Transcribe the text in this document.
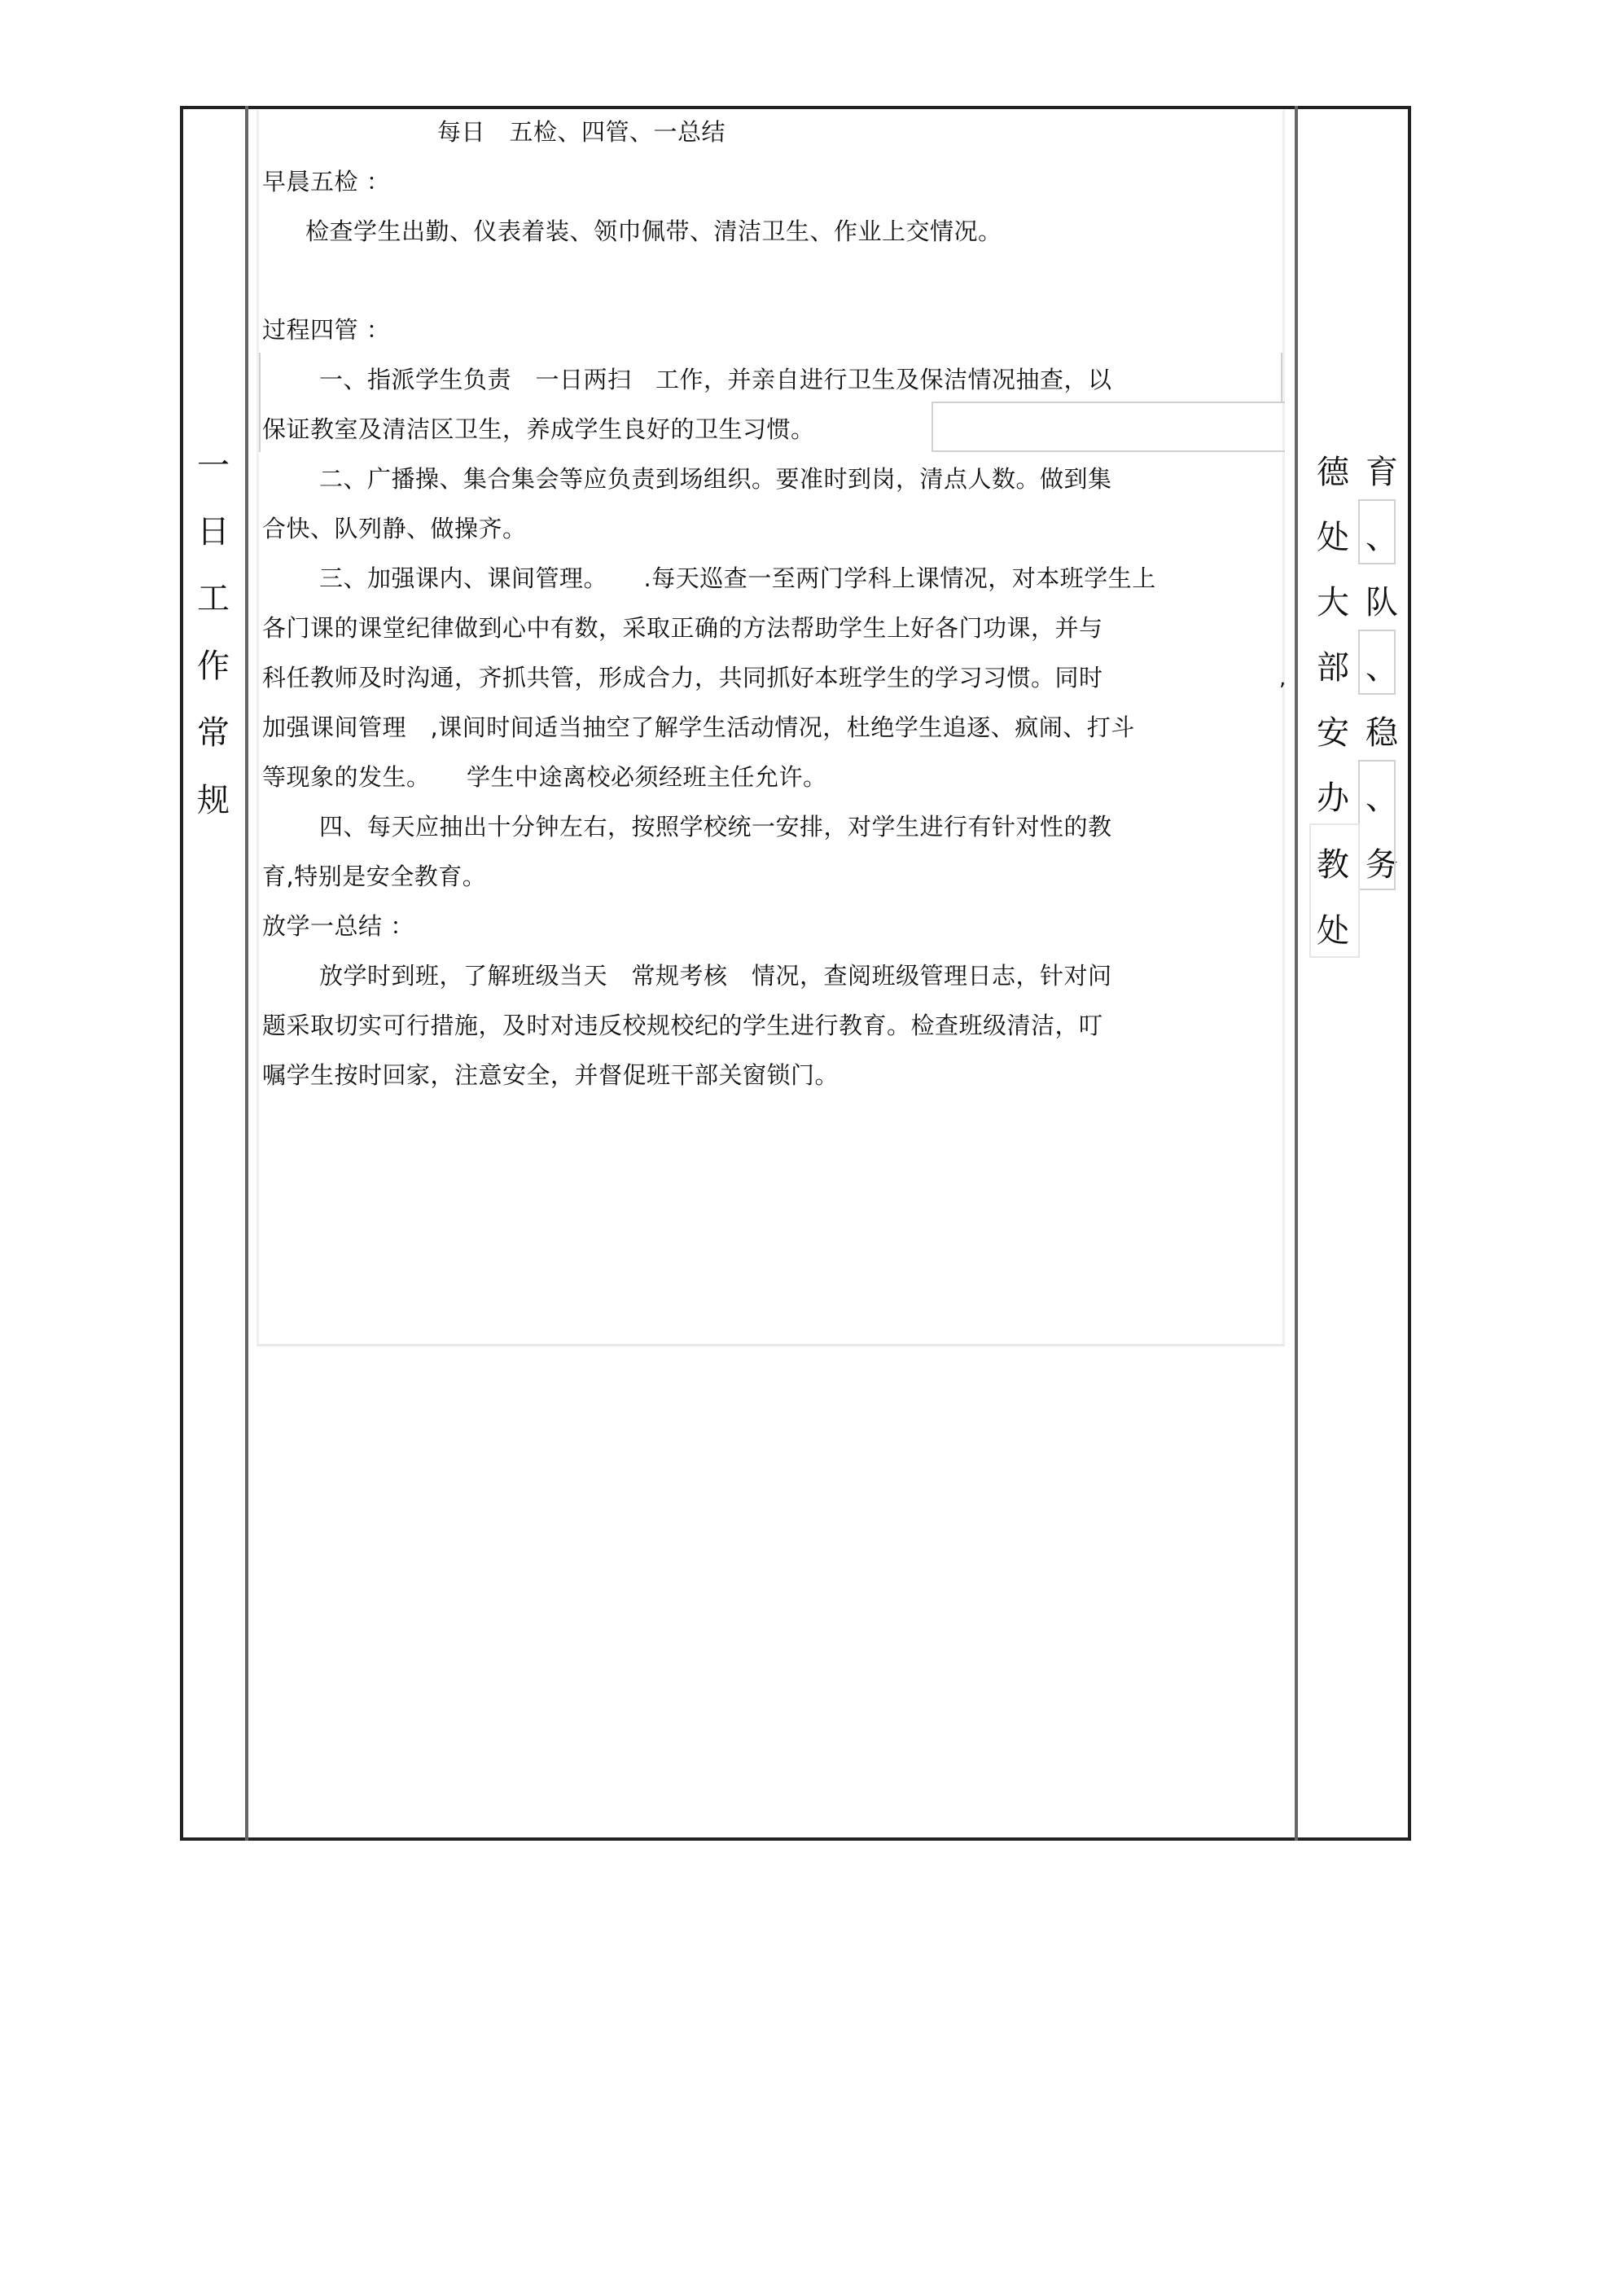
一
日
工
作
常
规
每日　五检、四管、一总结
早晨五检 ：
检查学生出勤、仪表着装、领巾佩带、清洁卫生、作业上交情况。
过程四管 ：
一、指派学生负责　一日两扫　工作，并亲自进行卫生及保洁情况抽查，以
保证教室及清洁区卫生，养成学生良好的卫生习惯。
二、广播操、集合集会等应负责到场组织。要准时到岗，清点人数。做到集
合快、队列静、做操齐。
三、加强课内、课间管理。　　.每天巡查一至两门学科上课情况，对本班学生上
各门课的课堂纪律做到心中有数，采取正确的方法帮助学生上好各门功课，并与
科任教师及时沟通，齐抓共管，形成合力，共同抓好本班学生的学习习惯。同时
加强课间管理　,课间时间适当抽空了解学生活动情况，杜绝学生追逐、疯闹、打斗
等现象的发生。　　学生中途离校必须经班主任允许。
四、每天应抽出十分钟左右，按照学校统一安排，对学生进行有针对性的教
育,特别是安全教育。
放学一总结 ：
放学时到班，了解班级当天　常规考核　情况，查阅班级管理日志，针对问
题采取切实可行措施，及时对违反校规校纪的学生进行教育。检查班级清洁，叮
嘱学生按时回家，注意安全，并督促班干部关窗锁门。
,
德
处
大
部
安
办
教
处
育
、
队
、
稳
、
务
